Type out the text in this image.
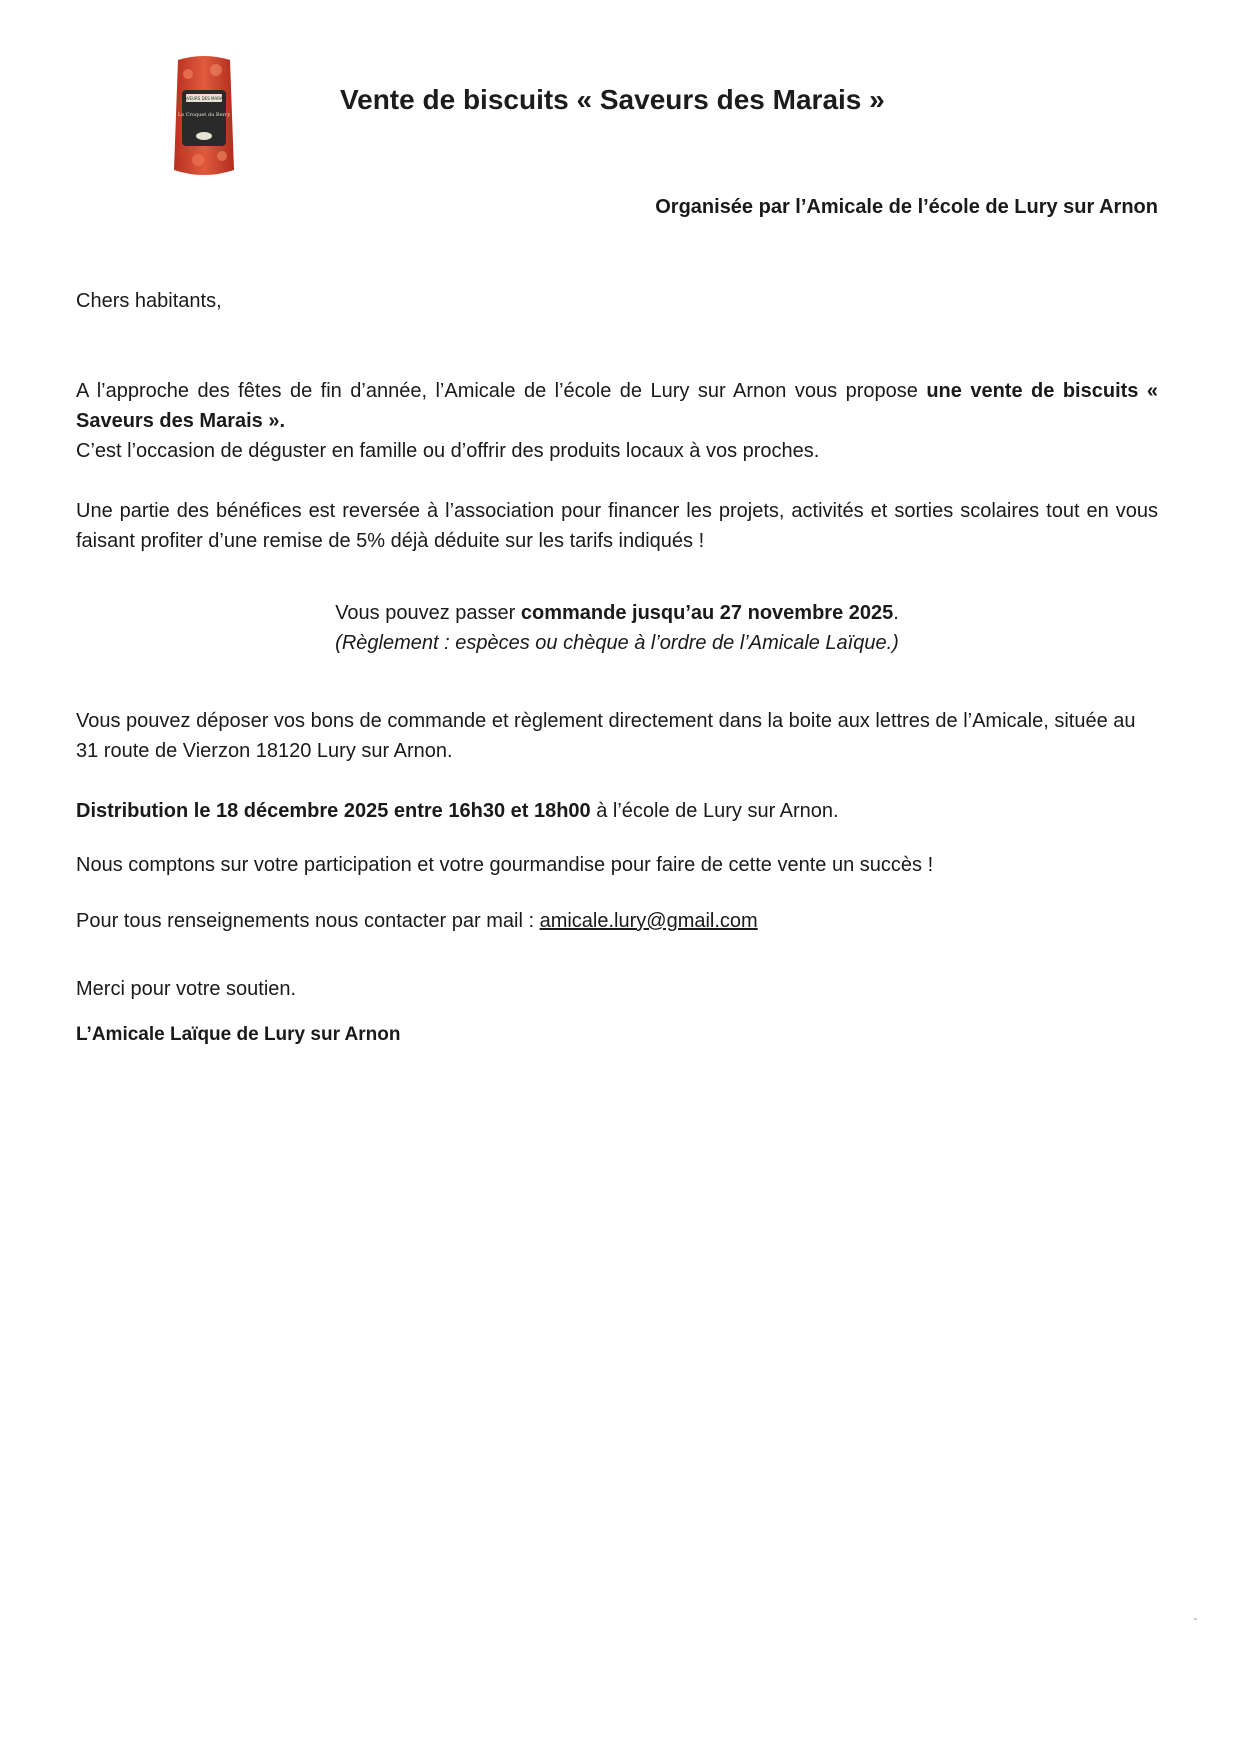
SAVEURS DES MARAIS
Le Croquet du Berry	Vente de biscuits « Saveurs des Marais »

Organisée par l’Amicale de l’école de Lury sur Arnon

Chers habitants,

A l’approche des fêtes de fin d’année, l’Amicale de l’école de Lury sur Arnon vous propose une vente de biscuits « Saveurs des Marais ».
C’est l’occasion de déguster en famille ou d’offrir des produits locaux à vos proches.

Une partie des bénéfices est reversée à l’association pour financer les projets, activités et sorties scolaires tout en vous faisant profiter d’une remise de 5% déjà déduite sur les tarifs indiqués !

Vous pouvez passer commande jusqu’au 27 novembre 2025.
(Règlement : espèces ou chèque à l’ordre de l’Amicale Laïque.)

Vous pouvez déposer vos bons de commande et règlement directement dans la boite aux lettres de l’Amicale, située au 31 route de Vierzon 18120 Lury sur Arnon.

Distribution le 18 décembre 2025 entre 16h30 et 18h00 à l’école de Lury sur Arnon.

Nous comptons sur votre participation et votre gourmandise pour faire de cette vente un succès !

Pour tous renseignements nous contacter par mail : amicale.lury@gmail.com

Merci pour votre soutien.

L’Amicale Laïque de Lury sur Arnon
